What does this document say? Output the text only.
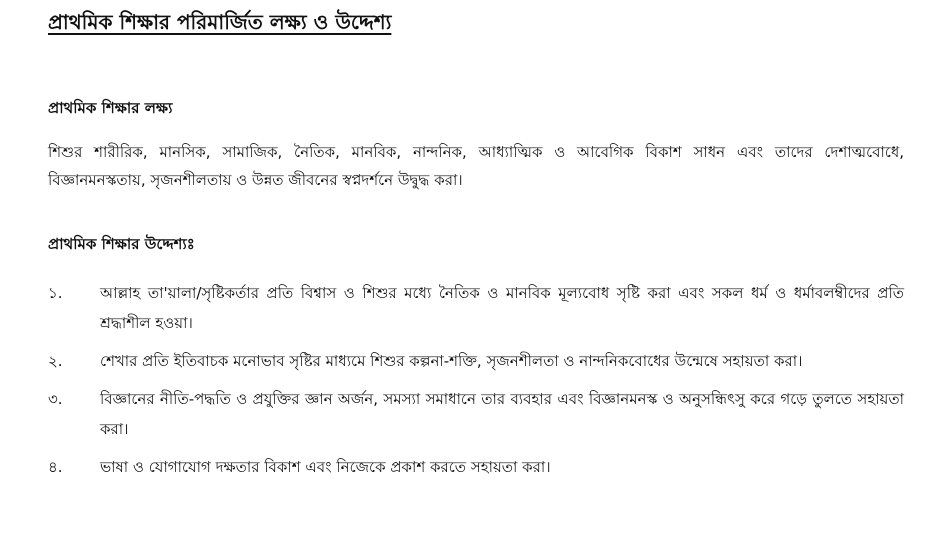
প্রাথমিক শিক্ষার পরিমার্জিত লক্ষ্য ও উদ্দেশ্য
প্রাথমিক শিক্ষার লক্ষ্য

শিশুর শারীরিক, মানসিক, সামাজিক, নৈতিক, মানবিক, নান্দনিক, আধ্যাত্মিক ও আবেগিক বিকাশ সাধন এবং তাদের দেশাত্মবোধে, বিজ্ঞানমনস্কতায়, সৃজনশীলতায় ও উন্নত জীবনের স্বপ্নদর্শনে উদ্বুদ্ধ করা।

প্রাথমিক শিক্ষার উদ্দেশ্যঃ
১.	আল্লাহ তা'য়ালা/সৃষ্টিকর্তার প্রতি বিশ্বাস ও শিশুর মধ্যে নৈতিক ও মানবিক মূল্যবোধ সৃষ্টি করা এবং সকল ধর্ম ও ধর্মাবলম্বীদের প্রতি শ্রদ্ধাশীল হওয়া।
২.	শেখার প্রতি ইতিবাচক মনোভাব সৃষ্টির মাধ্যমে শিশুর কল্পনা-শক্তি, সৃজনশীলতা ও নান্দনিকবোধের উন্মেষে সহায়তা করা।
৩.	বিজ্ঞানের নীতি-পদ্ধতি ও প্রযুক্তির জ্ঞান অর্জন, সমস্যা সমাধানে তার ব্যবহার এবং বিজ্ঞানমনস্ক ও অনুসন্ধিৎসু করে গড়ে তুলতে সহায়তা করা।
৪.	ভাষা ও যোগাযোগ দক্ষতার বিকাশ এবং নিজেকে প্রকাশ করতে সহায়তা করা।
